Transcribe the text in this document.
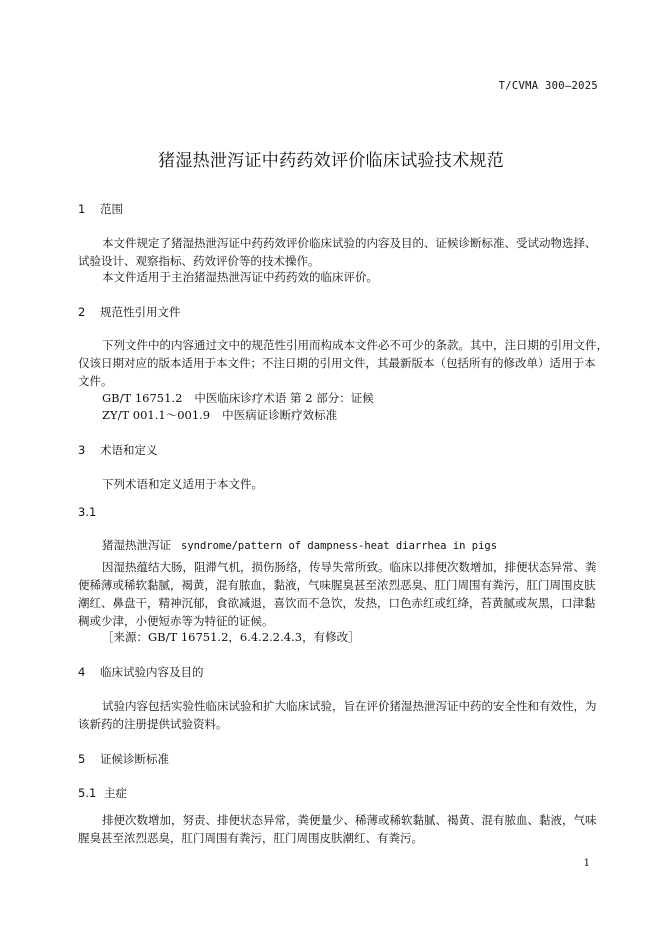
T/CVMA 300—2025
猪湿热泄泻证中药药效评价临床试验技术规范
1 范围
本文件规定了猪湿热泄泻证中药药效评价临床试验的内容及目的、证候诊断标准、受试动物选择、
试验设计、观察指标、药效评价等的技术操作。
本文件适用于主治猪湿热泄泻证中药药效的临床评价。
2 规范性引用文件
下列文件中的内容通过文中的规范性引用而构成本文件必不可少的条款。其中，注日期的引用文件，
仅该日期对应的版本适用于本文件；不注日期的引用文件，其最新版本（包括所有的修改单）适用于本
文件。
GB/T 16751.2 中医临床诊疗术语 第 2 部分：证候
ZY/T 001.1～001.9 中医病证诊断疗效标准
3 术语和定义
下列术语和定义适用于本文件。
3.1
猪湿热泄泻证 syndrome/pattern of dampness-heat diarrhea in pigs
因湿热蕴结大肠，阻滞气机，损伤肠络，传导失常所致。临床以排便次数增加，排便状态异常、粪
便稀薄或稀软黏腻，褐黄，混有脓血，黏液，气味腥臭甚至浓烈恶臭、肛门周围有粪污，肛门周围皮肤
潮红、鼻盘干，精神沉郁，食欲减退，喜饮而不急饮，发热，口色赤红或红绛，苔黄腻或灰黑，口津黏
稠或少津，小便短赤等为特征的证候。
［来源：GB/T 16751.2，6.4.2.2.4.3，有修改］
4 临床试验内容及目的
试验内容包括实验性临床试验和扩大临床试验，旨在评价猪湿热泄泻证中药的安全性和有效性，为
该新药的注册提供试验资料。
5 证候诊断标准
5.1 主症
排便次数增加，努责、排便状态异常，粪便量少、稀薄或稀软黏腻、褐黄、混有脓血、黏液，气味
腥臭甚至浓烈恶臭，肛门周围有粪污，肛门周围皮肤潮红、有粪污。
1
